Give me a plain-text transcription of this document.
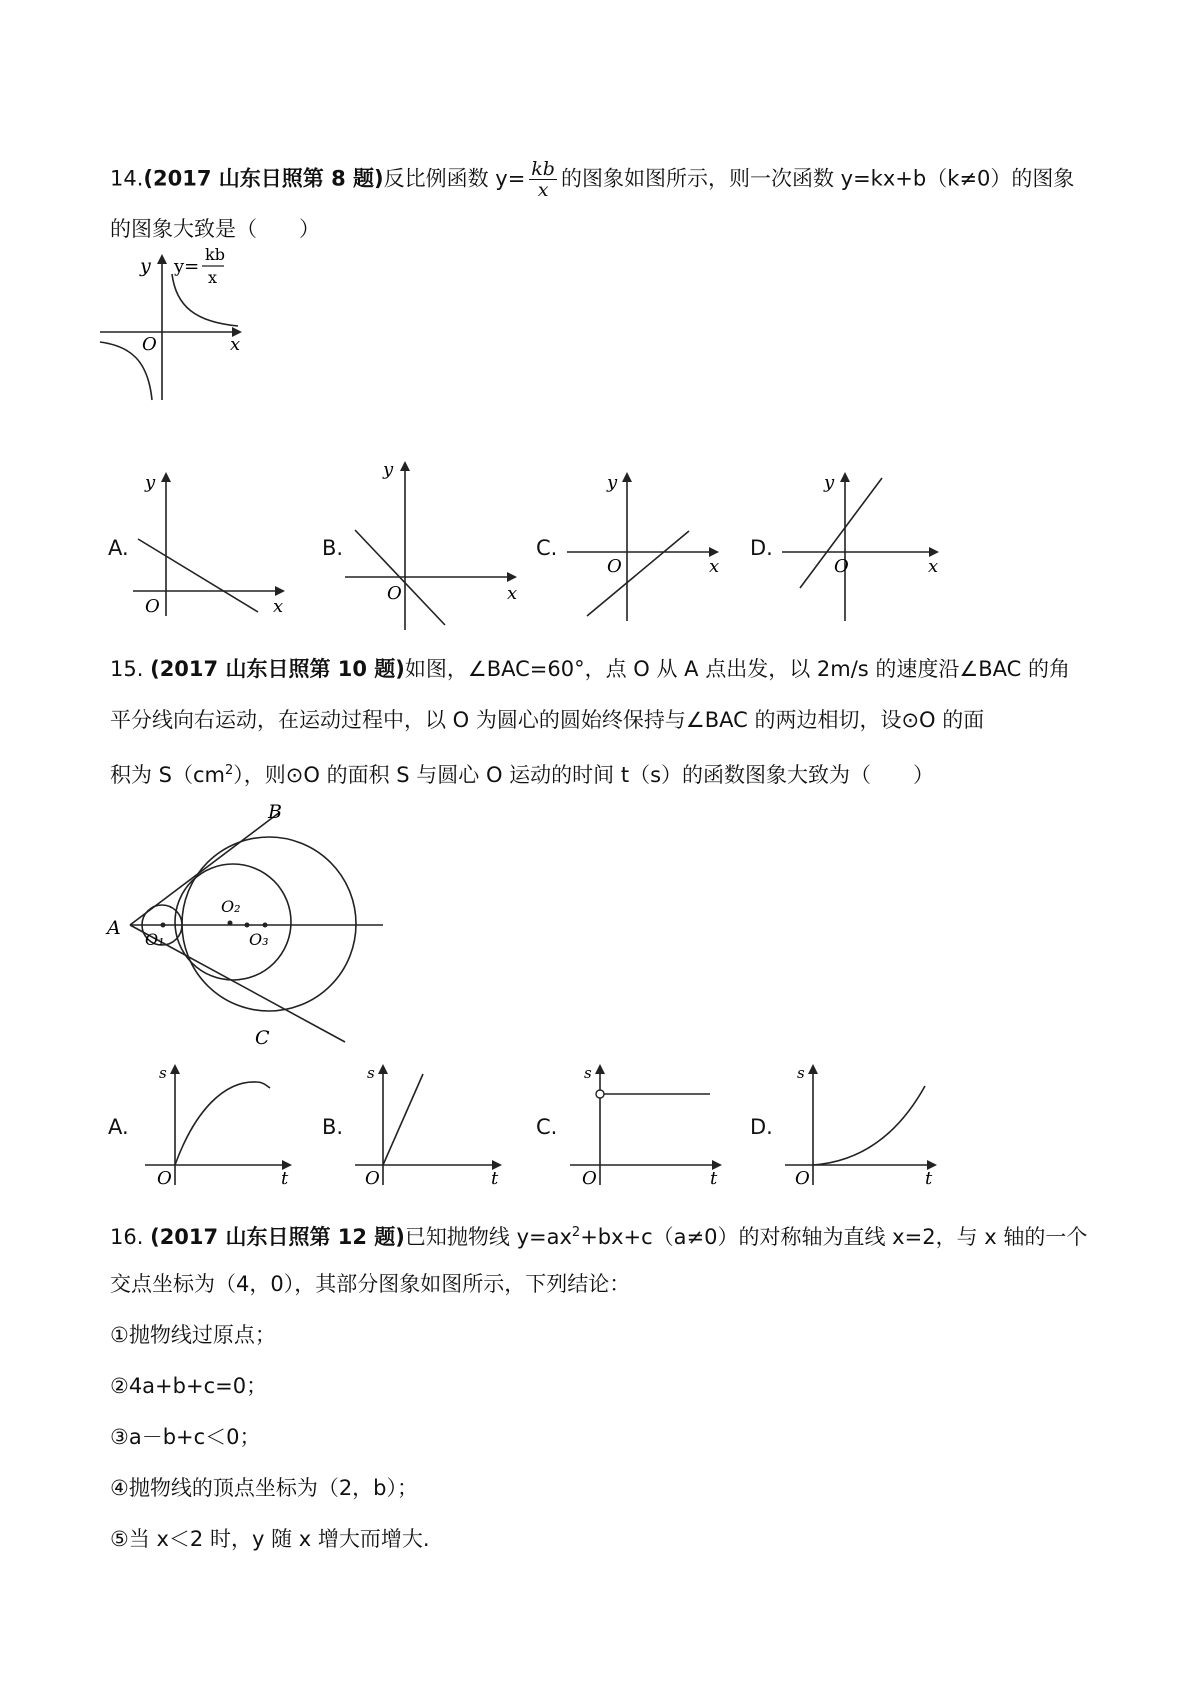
14.(2017 山东日照第 8 题)反比例函数 $y= \frac{kb}{x}$ 的图象如图所示，则一次函数 y=kx+b（k≠0）的图象
的图象大致是（　　）
y y=
kb
x
O	x
A.
y
O	x
B.
y
O	x
C.
y
O	x
D.
y
O	x
15. (2017 山东日照第 10 题)如图，∠BAC=60°，点 O 从 A 点出发，以 2m/s 的速度沿∠BAC 的角
平分线向右运动，在运动过程中，以 O 为圆心的圆始终保持与∠BAC 的两边相切，设⊙O 的面
积为 $S(cm^2)$，则⊙O 的面积 S 与圆心 O 运动的时间 t（s）的函数图象大致为（　　）
A
B
C
O₁
O₂
O₃
A.
s
O	t
B.
s
O	t
C.
s
O	t
D.
s
O	t
16. (2017 山东日照第 12 题)已知抛物线 $y=ax^2+bx+c(a\ne 0)$的对称轴为直线 x=2，与 x 轴的一个
交点坐标为（4，0），其部分图象如图所示，下列结论：
①抛物线过原点；
②4a+b+c=0；
③a－b+c＜0；
④抛物线的顶点坐标为（2，b）；
⑤当 x＜2 时，y 随 x 增大而增大.
